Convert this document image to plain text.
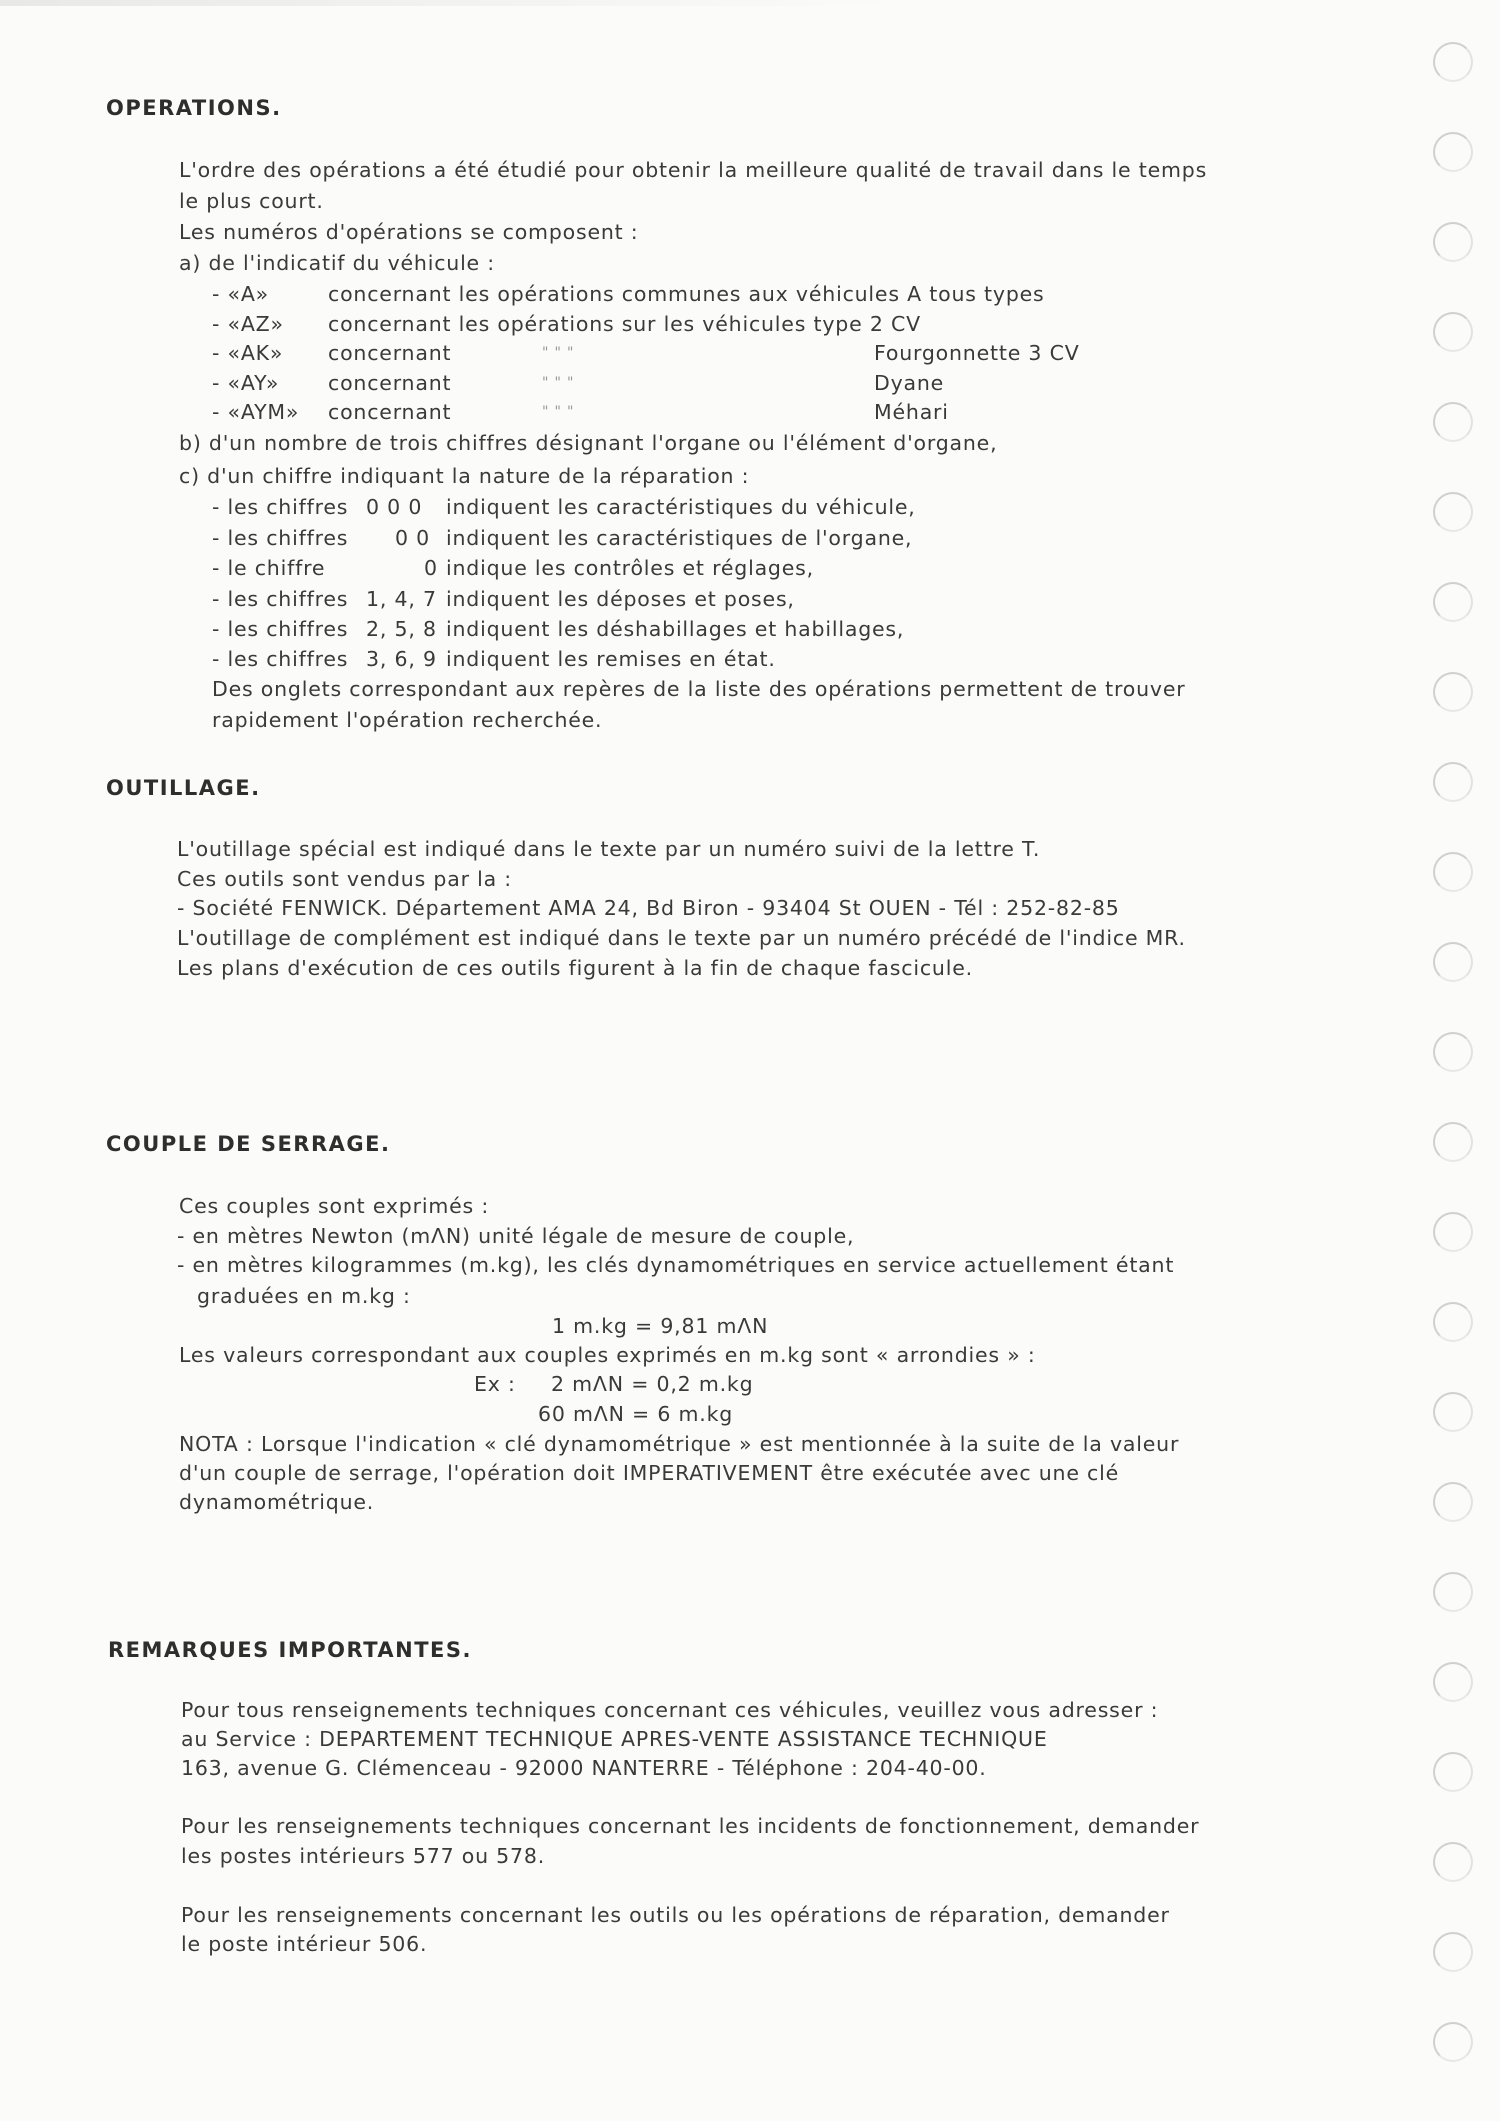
OPERATIONS.
L'ordre des opérations a été étudié pour obtenir la meilleure qualité de travail dans le temps
le plus court.
Les numéros d'opérations se composent :
a) de l'indicatif du véhicule :
- «A»	concernant les opérations communes aux véhicules A tous types
- «AZ» concernant les opérations sur les véhicules type 2 CV
- «AK» concernant	" " "	Fourgonnette 3 CV
- «AY» concernant	" " "	Dyane
- «AYM» concernant	" " "	Méhari
b) d'un nombre de trois chiffres désignant l'organe ou l'élément d'organe,
c) d'un chiffre indiquant la nature de la réparation :
- les chiffres 0 0 0 indiquent les caractéristiques du véhicule,
- les chiffres 0 0 indiquent les caractéristiques de l'organe,
- le chiffre	0 indique les contrôles et réglages,
- les chiffres 1, 4, 7 indiquent les déposes et poses,
- les chiffres 2, 5, 8 indiquent les déshabillages et habillages,
- les chiffres 3, 6, 9 indiquent les remises en état.
Des onglets correspondant aux repères de la liste des opérations permettent de trouver
rapidement l'opération recherchée.
OUTILLAGE.
L'outillage spécial est indiqué dans le texte par un numéro suivi de la lettre T.
Ces outils sont vendus par la :
- Société FENWICK. Département AMA 24, Bd Biron - 93404 St OUEN - Tél : 252-82-85
L'outillage de complément est indiqué dans le texte par un numéro précédé de l'indice MR.
Les plans d'exécution de ces outils figurent à la fin de chaque fascicule.
COUPLE DE SERRAGE.
Ces couples sont exprimés :
- en mètres Newton (mΛN) unité légale de mesure de couple,
- en mètres kilogrammes (m.kg), les clés dynamométriques en service actuellement étant
graduées en m.kg :
1 m.kg = 9,81 mΛN
Les valeurs correspondant aux couples exprimés en m.kg sont « arrondies » :
Ex : 2 mΛN = 0,2 m.kg
60 mΛN = 6 m.kg
NOTA : Lorsque l'indication « clé dynamométrique » est mentionnée à la suite de la valeur
d'un couple de serrage, l'opération doit IMPERATIVEMENT être exécutée avec une clé
dynamométrique.
REMARQUES IMPORTANTES.
Pour tous renseignements techniques concernant ces véhicules, veuillez vous adresser :
au Service : DEPARTEMENT TECHNIQUE APRES-VENTE ASSISTANCE TECHNIQUE
163, avenue G. Clémenceau - 92000 NANTERRE - Téléphone : 204-40-00.
Pour les renseignements techniques concernant les incidents de fonctionnement, demander
les postes intérieurs 577 ou 578.
Pour les renseignements concernant les outils ou les opérations de réparation, demander
le poste intérieur 506.
